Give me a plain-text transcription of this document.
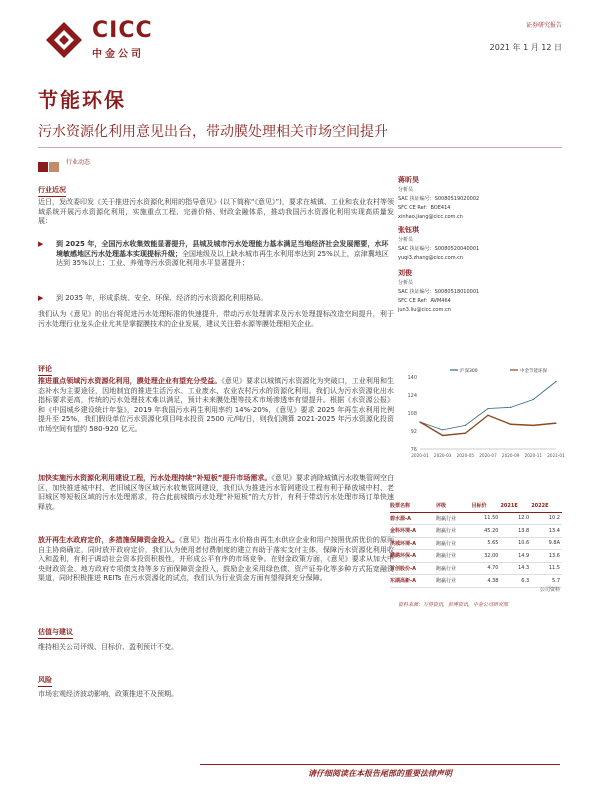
CICC
中金公司
证券研究报告
2021 年 1 月 12 日
节能环保
污水资源化利用意见出台，带动膜处理相关市场空间提升
行业动态
行业近况
近日，发改委印发《关于推进污水资源化利用的指导意见》(以下简称“《意见》”)，要求在城镇、工业和农业农村等领域系统开展污水资源化利用，实施重点工程、完善价格、财政金融体系，推动我国污水资源化利用实现高质量发展：
▶ 到 2025 年，全国污水收集效能显著提升，县城及城市污水处理能力基本满足当地经济社会发展需要，水环境敏感地区污水处理基本实现提标升级；全国地级及以上缺水城市再生水利用率达到 25%以上，京津冀地区达到 35%以上；工业、养殖等污水资源化利用水平显著提升；
▶ 到 2035 年，形成系统、安全、环保、经济的污水资源化利用格局。
我们认为《意见》的出台将促进污水处理标准的快速提升，带动污水处理需求及污水处理提标改造空间提升，利于污水处理行业龙头企业尤其是掌握膜技术的企业发展，建议关注碧水源等膜处理相关企业。
评论
推进重点领域污水资源化利用，膜处理企业有望充分受益。《意见》要求以城镇污水资源化为突破口，工业利用和生态补水为主要途径，因地制宜的推进生活污水、工业废水、农业农村污水的资源化利用。我们认为污水资源化出水指标要求更高，传统的污水处理技术难以满足，预计未来膜处理等技术市场渗透率有望提升。根据《水资源公报》和《中国城乡建设统计年鉴》，2019 年我国污水再生利用率约 14%-20%，《意见》要求 2025 年再生水利用比例提升至 25%，我们假设单位污水资源化项目吨水投资 2500 元/吨/日，则我们测算 2021-2025 年污水资源化投资市场空间有望约 580-920 亿元。
加快实施污水资源化利用建设工程，污水处理持续“补短板”提升市场需求。《意见》要求消除城镇污水收集管网空白区，加快推进城中村、老旧城区等区域污水收集管网建设，我们认为推进污水管网建设工程有利于释放城中村、老旧城区等短板区域的污水处理需求，符合此前城镇污水处理“补短板”的大方针，有利于带动污水处理市场订单快速释放。
放开再生水政府定价，多措施保障资金投入。《意见》指出再生水价格由再生水供应企业和用户按照优质优价的原则自主协商确定，同时放开政府定价，我们认为使用者付费制度的建立有助于落实支付主体，保障污水资源化利用收入和盈利，有利于调动社会资本投资积极性，并形成公平有序的市场竞争。在财金政策方面，《意见》要求从加大中央财政资金、地方政府专项债支持等多方面保障资金投入，鼓励企业采用绿色债、资产证券化等多种方式拓宽融资渠道，同时积极推进 REITs 在污水资源化的试点，我们认为行业资金方面有望得到充分保障。
估值与建议
维持相关公司评级、目标价、盈利预计不变。
风险
市场宏观经济波动影响，政策推进不及预期。
蒋昕昊
分析员
SAC 执证编号：S0080519020002
SFC CE Ref：BOE414
xinhao.jiang@cicc.com.cn
张钰琪
分析员
SAC 执证编号：S0080520040001
yuqi3.zhang@cicc.com.cn
刘俊
分析员
SAC 执证编号：S0080518010001
SFC CE Ref：AVM464
jun3.liu@cicc.com.cn
76
92
108
124
140
2020-01 2020-03 2020-05 2020-07 2020-09 2020-11 2021-01
沪深300	中金节能环保
股票名称	评级	目标价	2021E	2022E
碧水源-A	跑赢行业	11.50	12.0	10.2
金科环境-A	跑赢行业	45.20	13.8	13.4
洪城环境-A	跑赢行业	5.65	10.6	9.8A
鹏鹞环保-A	跑赢行业	32.00	14.9	13.6
首创股份-A	跑赢行业	4.70	14.3	11.5
东湖高新-A	跑赢行业	4.38	6.3	5.7
公司资料
资料来源：万得资讯，彭博资讯，中金公司研究部
请仔细阅读在本报告尾部的重要法律声明
